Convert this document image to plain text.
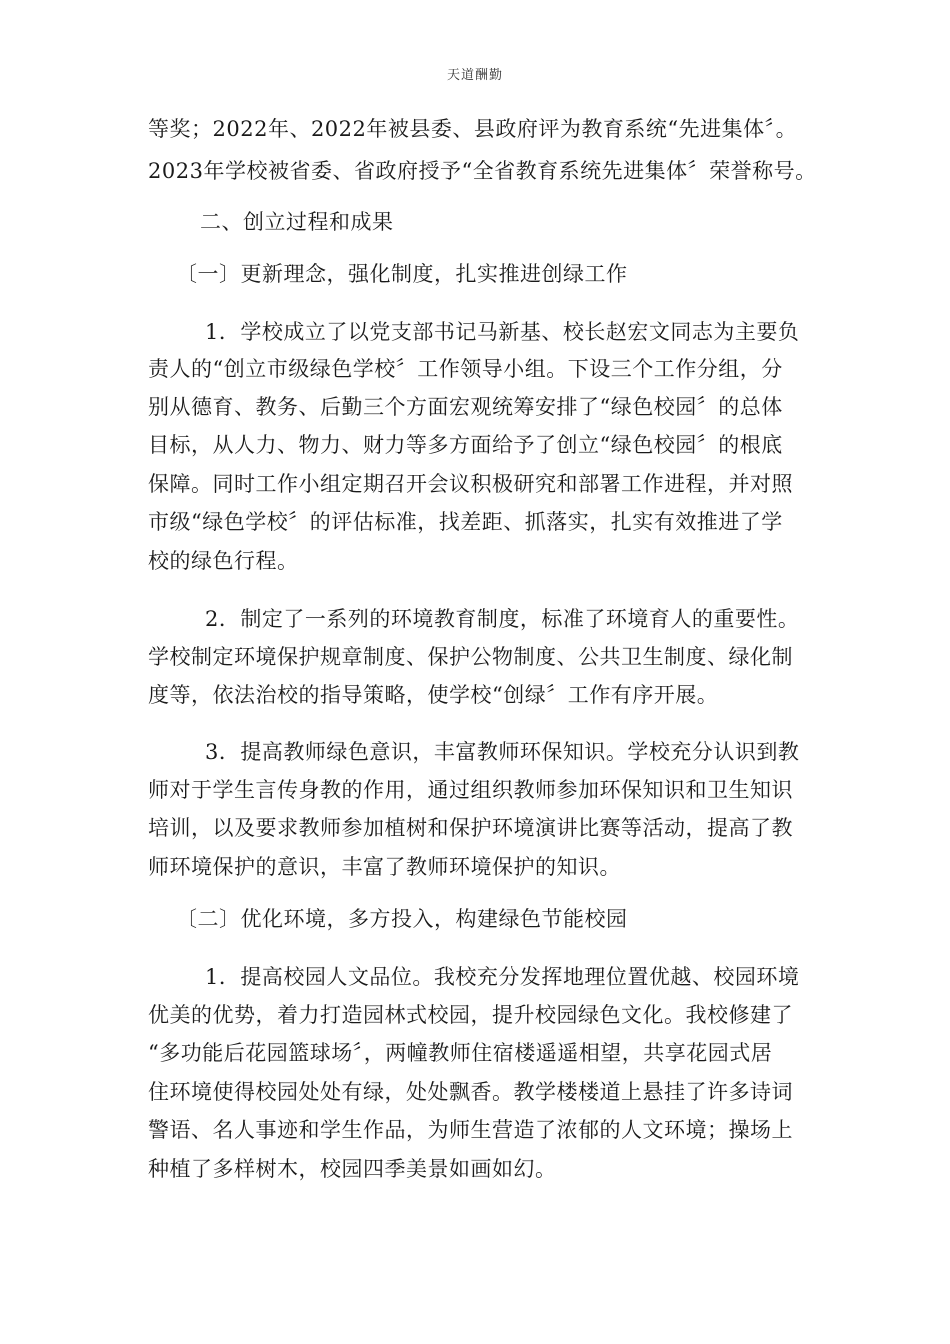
天道酬勤
等奖；2022年、2022年被县委、县政府评为教育系统“先进集体〞。
2023年学校被省委、省政府授予“全省教育系统先进集体〞荣誉称号。
二、创立过程和成果
〔一〕更新理念，强化制度，扎实推进创绿工作
1．学校成立了以党支部书记马新基、校长赵宏文同志为主要负
责人的“创立市级绿色学校〞工作领导小组。下设三个工作分组，分
别从德育、教务、后勤三个方面宏观统筹安排了“绿色校园〞的总体
目标，从人力、物力、财力等多方面给予了创立“绿色校园〞的根底
保障。同时工作小组定期召开会议积极研究和部署工作进程，并对照
市级“绿色学校〞的评估标准，找差距、抓落实，扎实有效推进了学
校的绿色行程。
2．制定了一系列的环境教育制度，标准了环境育人的重要性。
学校制定环境保护规章制度、保护公物制度、公共卫生制度、绿化制
度等，依法治校的指导策略，使学校“创绿〞工作有序开展。
3．提高教师绿色意识，丰富教师环保知识。学校充分认识到教
师对于学生言传身教的作用，通过组织教师参加环保知识和卫生知识
培训，以及要求教师参加植树和保护环境演讲比赛等活动，提高了教
师环境保护的意识，丰富了教师环境保护的知识。
〔二〕优化环境，多方投入，构建绿色节能校园
1．提高校园人文品位。我校充分发挥地理位置优越、校园环境
优美的优势，着力打造园林式校园，提升校园绿色文化。我校修建了
“多功能后花园篮球场〞，两幢教师住宿楼遥遥相望，共享花园式居
住环境使得校园处处有绿，处处飘香。教学楼楼道上悬挂了许多诗词
警语、名人事迹和学生作品，为师生营造了浓郁的人文环境；操场上
种植了多样树木，校园四季美景如画如幻。
